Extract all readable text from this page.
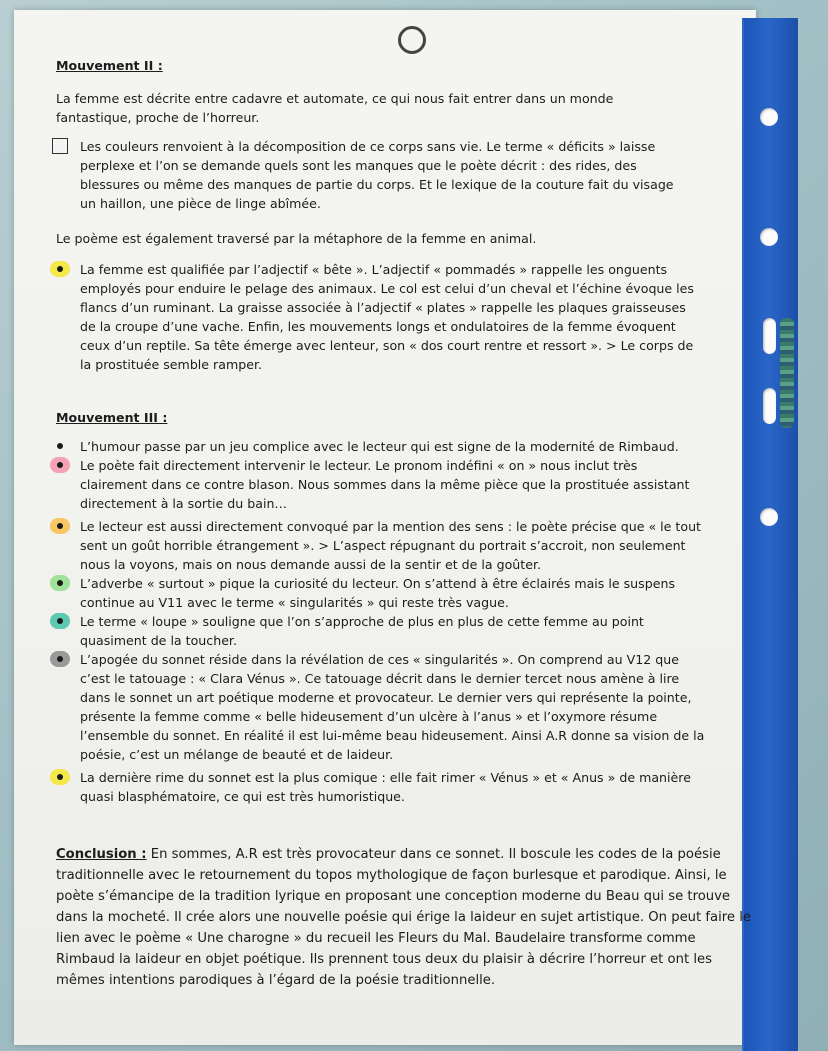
Mouvement II :

La femme est décrite entre cadavre et automate, ce qui nous fait entrer dans un monde fantastique, proche de l’horreur.

Les couleurs renvoient à la décomposition de ce corps sans vie. Le terme « déficits » laisse perplexe et l’on se demande quels sont les manques que le poète décrit : des rides, des blessures ou même des manques de partie du corps. Et le lexique de la couture fait du visage un haillon, une pièce de linge abîmée.

Le poème est également traversé par la métaphore de la femme en animal.

La femme est qualifiée par l’adjectif « bête ». L’adjectif « pommadés » rappelle les onguents employés pour enduire le pelage des animaux. Le col est celui d’un cheval et l’échine évoque les flancs d’un ruminant. La graisse associée à l’adjectif « plates » rappelle les plaques graisseuses de la croupe d’une vache. Enfin, les mouvements longs et ondulatoires de la femme évoquent ceux d’un reptile. Sa tête émerge avec lenteur, son « dos court rentre et ressort ». > Le corps de la prostituée semble ramper.

Mouvement III :

L’humour passe par un jeu complice avec le lecteur qui est signe de la modernité de Rimbaud.
Le poète fait directement intervenir le lecteur. Le pronom indéfini « on » nous inclut très clairement dans ce contre blason. Nous sommes dans la même pièce que la prostituée assistant directement à la sortie du bain…
Le lecteur est aussi directement convoqué par la mention des sens : le poète précise que « le tout sent un goût horrible étrangement ». > L’aspect répugnant du portrait s’accroit, non seulement nous la voyons, mais on nous demande aussi de la sentir et de la goûter.
L’adverbe « surtout » pique la curiosité du lecteur. On s’attend à être éclairés mais le suspens continue au V11 avec le terme « singularités » qui reste très vague.
Le terme « loupe » souligne que l’on s’approche de plus en plus de cette femme au point quasiment de la toucher.
L’apogée du sonnet réside dans la révélation de ces « singularités ». On comprend au V12 que c’est le tatouage : « Clara Vénus ». Ce tatouage décrit dans le dernier tercet nous amène à lire dans le sonnet un art poétique moderne et provocateur. Le dernier vers qui représente la pointe, présente la femme comme « belle hideusement d’un ulcère à l’anus » et l’oxymore résume l’ensemble du sonnet. En réalité il est lui-même beau hideusement. Ainsi A.R donne sa vision de la poésie, c’est un mélange de beauté et de laideur.
La dernière rime du sonnet est la plus comique : elle fait rimer « Vénus » et « Anus » de manière quasi blasphématoire, ce qui est très humoristique.

Conclusion : En sommes, A.R est très provocateur dans ce sonnet. Il boscule les codes de la poésie traditionnelle avec le retournement du topos mythologique de façon burlesque et parodique. Ainsi, le poète s’émancipe de la tradition lyrique en proposant une conception moderne du Beau qui se trouve dans la mocheté. Il crée alors une nouvelle poésie qui érige la laideur en sujet artistique. On peut faire le lien avec le poème « Une charogne » du recueil les Fleurs du Mal. Baudelaire transforme comme Rimbaud la laideur en objet poétique. Ils prennent tous deux du plaisir à décrire l’horreur et ont les mêmes intentions parodiques à l’égard de la poésie traditionnelle.
